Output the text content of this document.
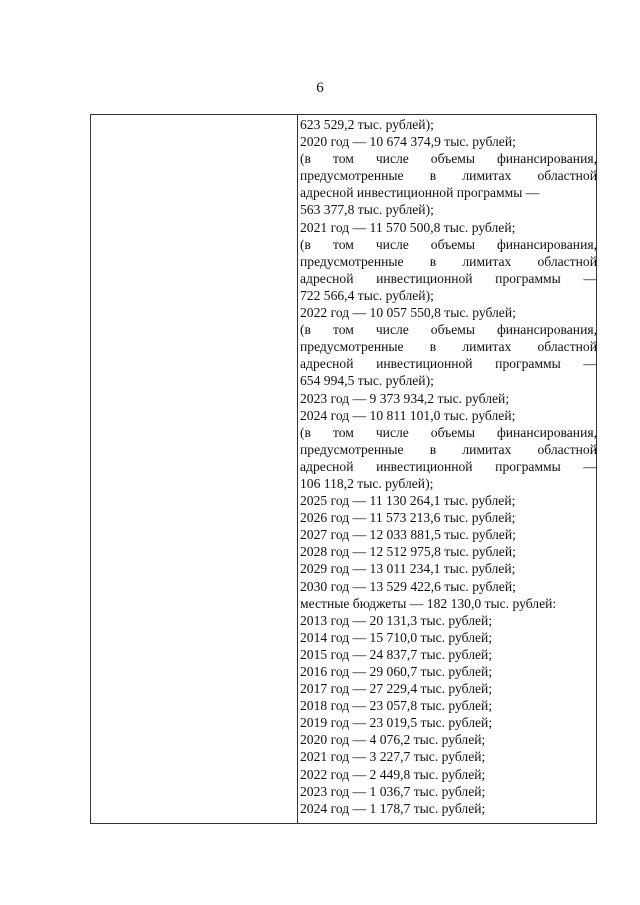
6
623 529,2 тыс. рублей);
2020 год — 10 674 374,9 тыс. рублей;
(в том числе объемы финансирования,
предусмотренные в лимитах областной
адресной инвестиционной программы —
563 377,8 тыс. рублей);
2021 год — 11 570 500,8 тыс. рублей;
(в том числе объемы финансирования,
предусмотренные в лимитах областной
адресной инвестиционной программы —
722 566,4 тыс. рублей);
2022 год — 10 057 550,8 тыс. рублей;
(в том числе объемы финансирования,
предусмотренные в лимитах областной
адресной инвестиционной программы —
654 994,5 тыс. рублей);
2023 год — 9 373 934,2 тыс. рублей;
2024 год — 10 811 101,0 тыс. рублей;
(в том числе объемы финансирования,
предусмотренные в лимитах областной
адресной инвестиционной программы —
106 118,2 тыс. рублей);
2025 год — 11 130 264,1 тыс. рублей;
2026 год — 11 573 213,6 тыс. рублей;
2027 год — 12 033 881,5 тыс. рублей;
2028 год — 12 512 975,8 тыс. рублей;
2029 год — 13 011 234,1 тыс. рублей;
2030 год — 13 529 422,6 тыс. рублей;
местные бюджеты — 182 130,0 тыс. рублей:
2013 год — 20 131,3 тыс. рублей;
2014 год — 15 710,0 тыс. рублей;
2015 год — 24 837,7 тыс. рублей;
2016 год — 29 060,7 тыс. рублей;
2017 год — 27 229,4 тыс. рублей;
2018 год — 23 057,8 тыс. рублей;
2019 год — 23 019,5 тыс. рублей;
2020 год — 4 076,2 тыс. рублей;
2021 год — 3 227,7 тыс. рублей;
2022 год — 2 449,8 тыс. рублей;
2023 год — 1 036,7 тыс. рублей;
2024 год — 1 178,7 тыс. рублей;
